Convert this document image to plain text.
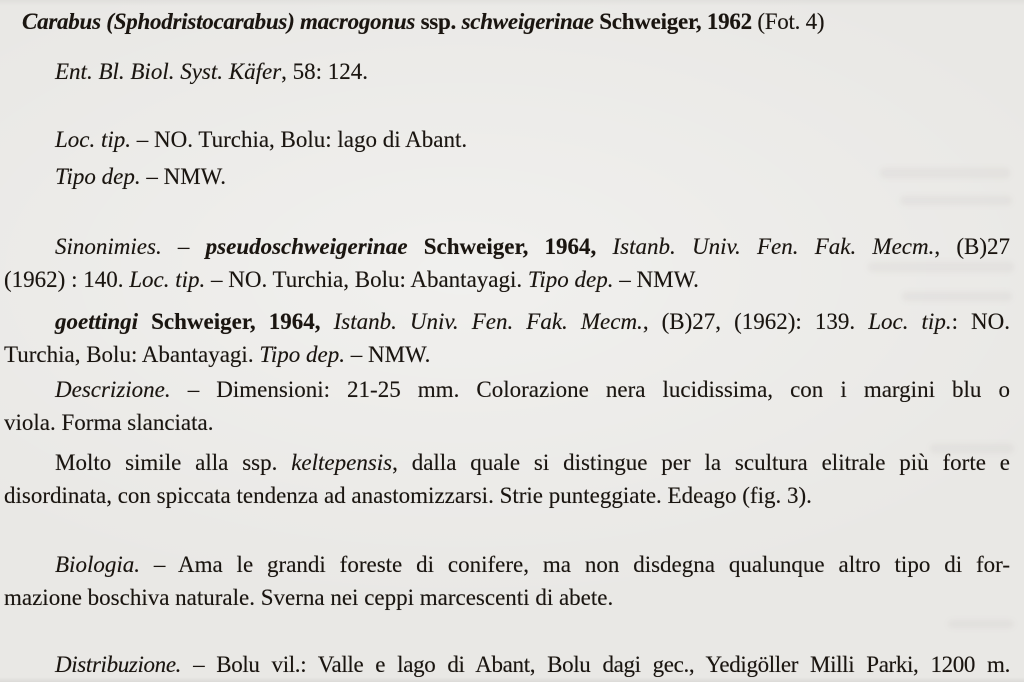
Carabus (Sphodristocarabus) macrogonus ssp. schweigerinae Schweiger, 1962 (Fot. 4)
Ent. Bl. Biol. Syst. Käfer, 58: 124.
Loc. tip. – NO. Turchia, Bolu: lago di Abant.
Tipo dep. – NMW.
Sinonimies. – pseudoschweigerinae Schweiger, 1964, Istanb. Univ. Fen. Fak. Mecm., (B)27
(1962) : 140. Loc. tip. – NO. Turchia, Bolu: Abantayagi. Tipo dep. – NMW.
goettingi Schweiger, 1964, Istanb. Univ. Fen. Fak. Mecm., (B)27, (1962): 139. Loc. tip.: NO.
Turchia, Bolu: Abantayagi. Tipo dep. – NMW.
Descrizione. – Dimensioni: 21-25 mm. Colorazione nera lucidissima, con i margini blu o
viola. Forma slanciata.
Molto simile alla ssp. keltepensis, dalla quale si distingue per la scultura elitrale più forte e
disordinata, con spiccata tendenza ad anastomizzarsi. Strie punteggiate. Edeago (fig. 3).
Biologia. – Ama le grandi foreste di conifere, ma non disdegna qualunque altro tipo di for-
mazione boschiva naturale. Sverna nei ceppi marcescenti di abete.
Distribuzione. – Bolu vil.: Valle e lago di Abant, Bolu dagi gec., Yedigöller Milli Parki, 1200 m.
